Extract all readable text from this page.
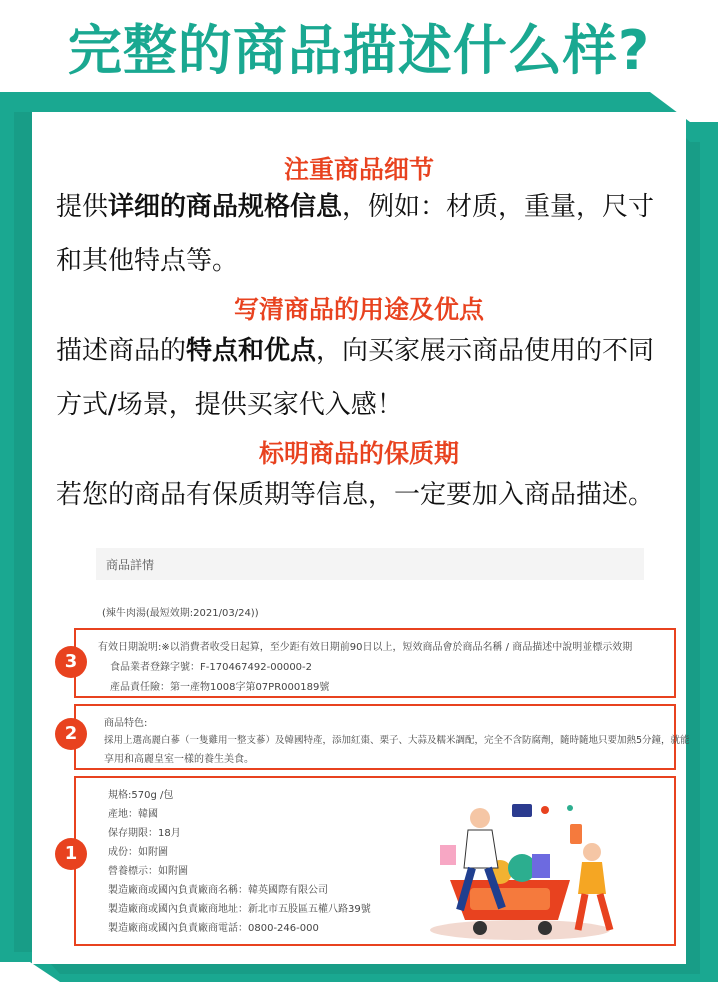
完整的商品描述什么样?
注重商品细节
提供详细的商品规格信息，例如：材质，重量，尺寸
和其他特点等。
写清商品的用途及优点
描述商品的特点和优点，向买家展示商品使用的不同
方式/场景，提供买家代入感！
标明商品的保质期
若您的商品有保质期等信息，一定要加入商品描述。
商品詳情
(辣牛肉湯(最短效期:2021/03/24))
有效日期說明:※以消費者收受日起算，至少距有效日期前90日以上，短效商品會於商品名稱 / 商品描述中說明並標示效期
食品業者登錄字號：F-170467492-00000-2
產品責任險：第一產物1008字第07PR000189號
3
商品特色:
採用上選高麗白蔘（一隻雞用一整支蔘）及韓國特產，添加紅棗、栗子、大蒜及糯米調配，完全不含防腐劑，隨時隨地只要加熱5分鐘，就能
享用和高麗皇室一樣的養生美食。
2
規格:570g /包
產地：韓國
保存期限：18月
成份：如附圖
營養標示：如附圖
製造廠商或國內負責廠商名稱：韓英國際有限公司
製造廠商或國內負責廠商地址：新北市五股區五權八路39號
製造廠商或國內負責廠商電話：0800-246-000
1
